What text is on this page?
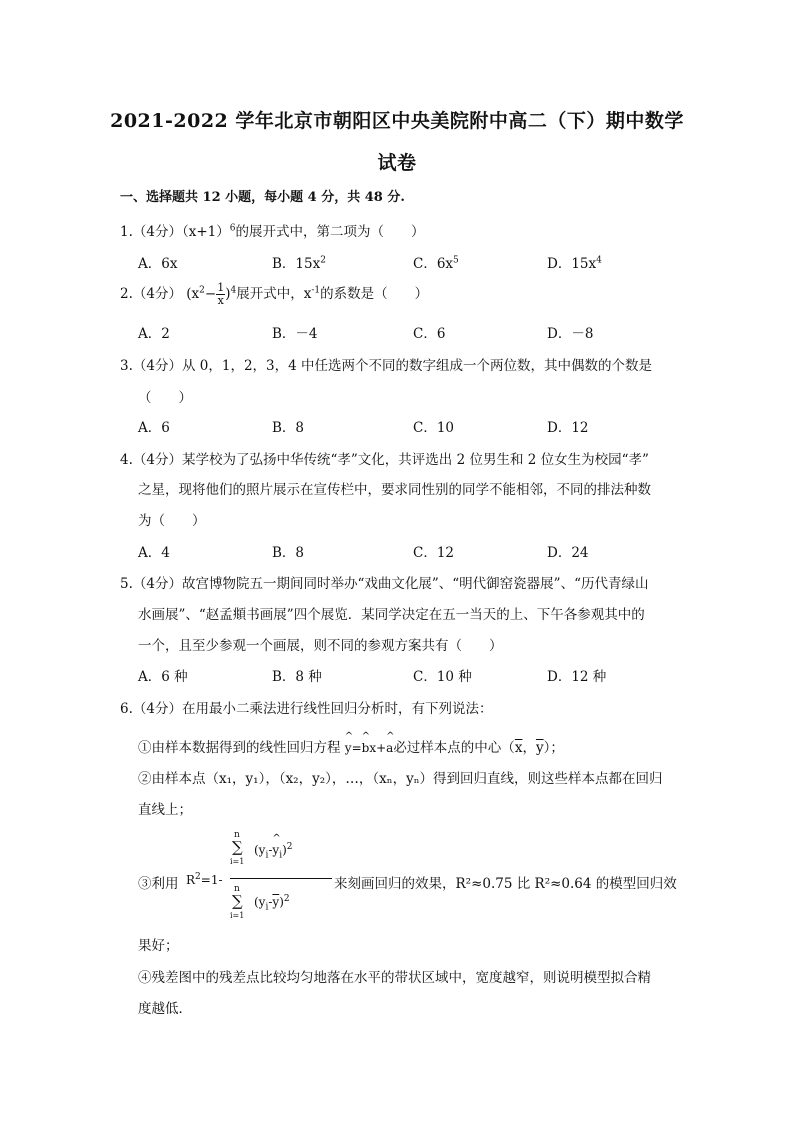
2021-2022 学年北京市朝阳区中央美院附中高二（下）期中数学
试卷
一、选择题共 12 小题，每小题 4 分，共 48 分.
1.（4分）$(x+1)^6$的展开式中，第二项为（　　）
A．6x	B．$15x^2$	C．$6x^5$	D．$15x^4$
2.（4分） $(x^2- \frac{1}{x} )^4$展开式中，$x^{-1}$的系数是（　　）
A．2	B．－4	C．6	D．－8
3.（4分）从 0，1，2，3，4 中任选两个不同的数字组成一个两位数，其中偶数的个数是
（　　）
A．6	B．8	C．10	D．12
4.（4分）某学校为了弘扬中华传统“孝”文化，共评选出 2 位男生和 2 位女生为校园“孝”
之星，现将他们的照片展示在宣传栏中，要求同性别的同学不能相邻，不同的排法种数
为（　　）
A．4	B．8	C．12	D．24
5.（4分）故宫博物院五一期间同时举办“戏曲文化展”、“明代御窑瓷器展”、“历代青绿山
水画展”、“赵孟頫书画展”四个展览．某同学决定在五一当天的上、下午各参观其中的
一个，且至少参观一个画展，则不同的参观方案共有（　　）
A．6 种	B．8 种	C．10 种	D．12 种
6.（4分）在用最小二乘法进行线性回归分析时，有下列说法：
①由样本数据得到的线性回归方程 ^ y=^ bx+^ a必过样本点的中心（$\overline{x}$，$\overline{y}$）；
②由样本点（x₁，y₁），（x₂，y₂），…，（xₙ，yₙ）得到回归直线，则这些样本点都在回归
直线上；
③利用 $R^2=1-$
n
∑
i=1
($y_i-\^{}$ $y_i)^2$
n
∑
i=1
$(y_i-\overline{y})^2$
来刻画回归的效果，R²≈0.75 比 R²≈0.64 的模型回归效
果好；
④残差图中的残差点比较均匀地落在水平的带状区域中，宽度越窄，则说明模型拟合精
度越低．
